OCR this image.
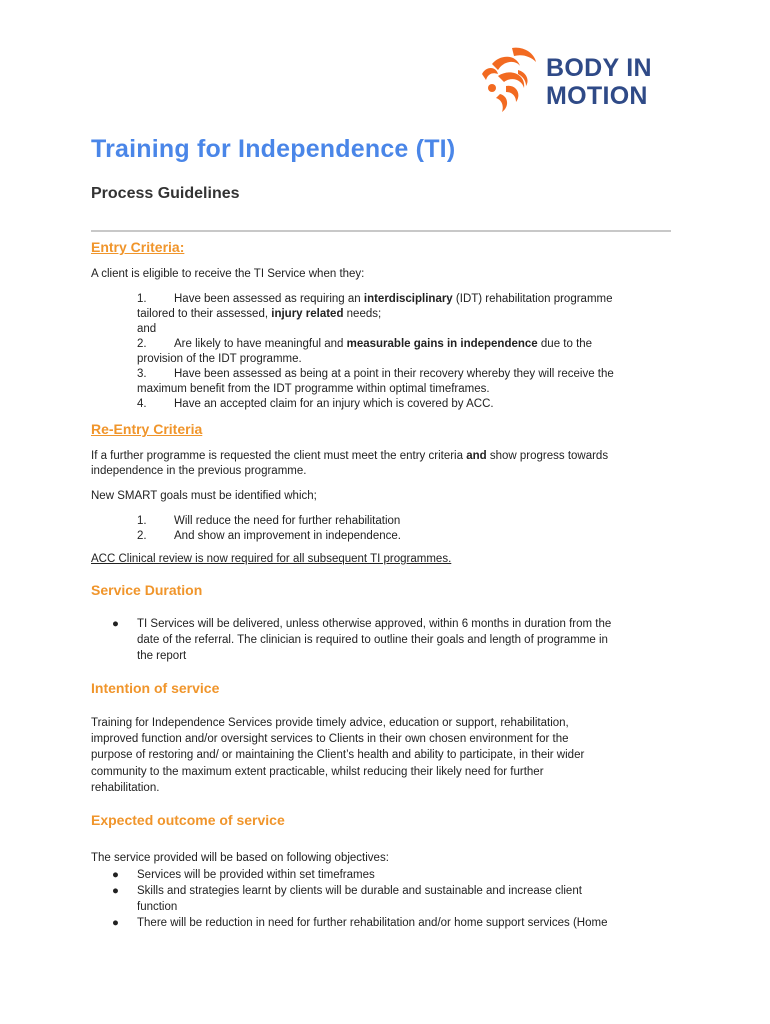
BODY IN
MOTION
Training for Independence (TI)
Process Guidelines
Entry Criteria:
A client is eligible to receive the TI Service when they:
1. Have been assessed as requiring an interdisciplinary (IDT) rehabilitation programme
tailored to their assessed, injury related needs;
and
2. Are likely to have meaningful and measurable gains in independence due to the
provision of the IDT programme.
3. Have been assessed as being at a point in their recovery whereby they will receive the
maximum benefit from the IDT programme within optimal timeframes.
4. Have an accepted claim for an injury which is covered by ACC.
Re-Entry Criteria
If a further programme is requested the client must meet the entry criteria and show progress towards
independence in the previous programme.
New SMART goals must be identified which;
1. Will reduce the need for further rehabilitation
2. And show an improvement in independence.
ACC Clinical review is now required for all subsequent TI programmes.
Service Duration
● TI Services will be delivered, unless otherwise approved, within 6 months in duration from the
date of the referral. The clinician is required to outline their goals and length of programme in
the report
Intention of service
Training for Independence Services provide timely advice, education or support, rehabilitation,
improved function and/or oversight services to Clients in their own chosen environment for the
purpose of restoring and/ or maintaining the Client’s health and ability to participate, in their wider
community to the maximum extent practicable, whilst reducing their likely need for further
rehabilitation.
Expected outcome of service
The service provided will be based on following objectives:
● Services will be provided within set timeframes
● Skills and strategies learnt by clients will be durable and sustainable and increase client
function
● There will be reduction in need for further rehabilitation and/or home support services (Home
